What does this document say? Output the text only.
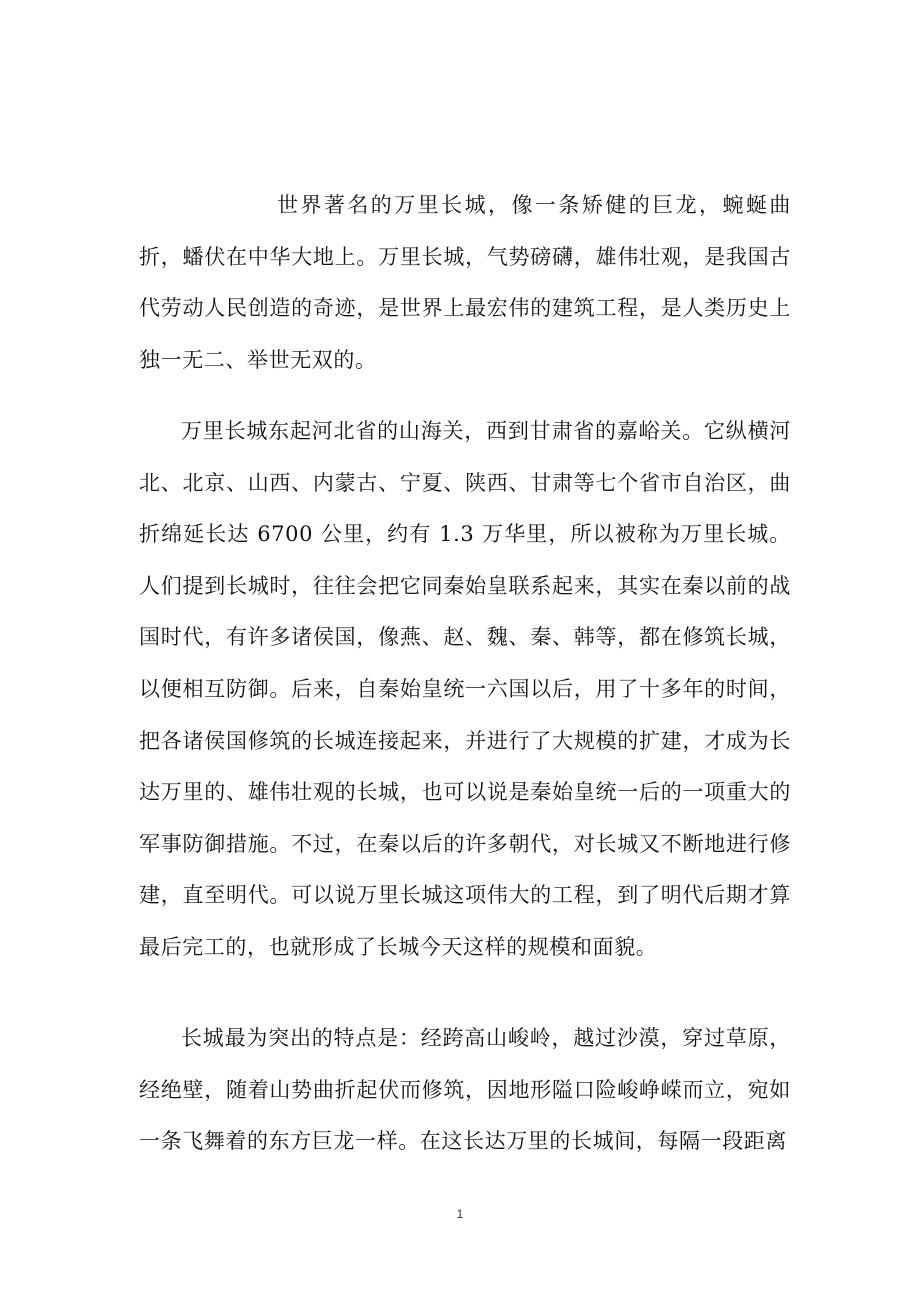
世界著名的万里长城，像一条矫健的巨龙，蜿蜒曲折，蟠伏在中华大地上。万里长城，气势磅礴，雄伟壮观，是我国古代劳动人民创造的奇迹，是世界上最宏伟的建筑工程，是人类历史上独一无二、举世无双的。

万里长城东起河北省的山海关，西到甘肃省的嘉峪关。它纵横河北、北京、山西、内蒙古、宁夏、陕西、甘肃等七个省市自治区，曲折绵延长达 6700 公里，约有 1.3 万华里，所以被称为万里长城。人们提到长城时，往往会把它同秦始皇联系起来，其实在秦以前的战国时代，有许多诸侯国，像燕、赵、魏、秦、韩等，都在修筑长城，以便相互防御。后来，自秦始皇统一六国以后，用了十多年的时间，把各诸侯国修筑的长城连接起来，并进行了大规模的扩建，才成为长达万里的、雄伟壮观的长城，也可以说是秦始皇统一后的一项重大的军事防御措施。不过，在秦以后的许多朝代，对长城又不断地进行修建，直至明代。可以说万里长城这项伟大的工程，到了明代后期才算最后完工的，也就形成了长城今天这样的规模和面貌。

长城最为突出的特点是：经跨高山峻岭，越过沙漠，穿过草原，经绝壁，随着山势曲折起伏而修筑，因地形隘口险峻峥嵘而立，宛如一条飞舞着的东方巨龙一样。在这长达万里的长城间，每隔一段距离

1
